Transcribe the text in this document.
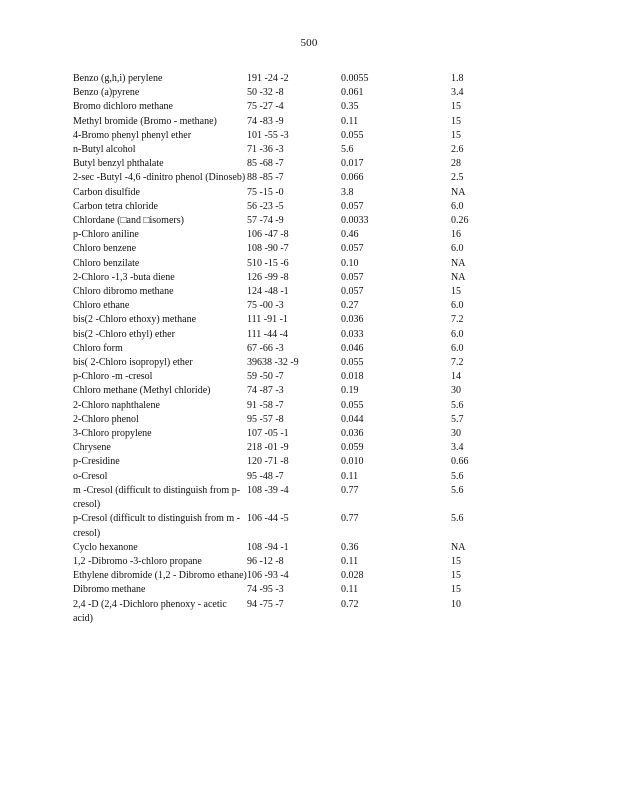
500
Benzo (g,h,i) perylene	191 -24 -2	0.0055	1.8
Benzo (a)pyrene	50 -32 -8	0.061	3.4
Bromo dichloro methane	75 -27 -4	0.35	15
Methyl bromide (Bromo - methane)	74 -83 -9	0.11	15
4-Bromo phenyl phenyl ether	101 -55 -3	0.055	15
n-Butyl alcohol	71 -36 -3	5.6	2.6
Butyl benzyl phthalate	85 -68 -7	0.017	28
2-sec -Butyl -4,6 -dinitro phenol (Dinoseb)	88 -85 -7	0.066	2.5
Carbon disulfide	75 -15 -0	3.8	NA
Carbon tetra chloride	56 -23 -5	0.057	6.0
Chlordane (□and □isomers)	57 -74 -9	0.0033	0.26
p-Chloro aniline	106 -47 -8	0.46	16
Chloro benzene	108 -90 -7	0.057	6.0
Chloro benzilate	510 -15 -6	0.10	NA
2-Chloro -1,3 -buta diene	126 -99 -8	0.057	NA
Chloro dibromo methane	124 -48 -1	0.057	15
Chloro ethane	75 -00 -3	0.27	6.0
bis(2 -Chloro ethoxy) methane	111 -91 -1	0.036	7.2
bis(2 -Chloro ethyl) ether	111 -44 -4	0.033	6.0
Chloro form	67 -66 -3	0.046	6.0
bis( 2-Chloro isopropyl) ether	39638 -32 -9	0.055	7.2
p-Chloro -m -cresol	59 -50 -7	0.018	14
Chloro methane (Methyl chloride)	74 -87 -3	0.19	30
2-Chloro naphthalene	91 -58 -7	0.055	5.6
2-Chloro phenol	95 -57 -8	0.044	5.7
3-Chloro propylene	107 -05 -1	0.036	30
Chrysene	218 -01 -9	0.059	3.4
p-Cresidine	120 -71 -8	0.010	0.66
o-Cresol	95 -48 -7	0.11	5.6
m -Cresol (difficult to distinguish from p- cresol)	108 -39 -4	0.77	5.6
p-Cresol (difficult to distinguish from m - cresol)	106 -44 -5	0.77	5.6
Cyclo hexanone	108 -94 -1	0.36	NA
1,2 -Dibromo -3-chloro propane	96 -12 -8	0.11	15
Ethylene dibromide (1,2 - Dibromo ethane)	106 -93 -4	0.028	15
Dibromo methane	74 -95 -3	0.11	15
2,4 -D (2,4 -Dichloro phenoxy - acetic acid)	94 -75 -7	0.72	10
